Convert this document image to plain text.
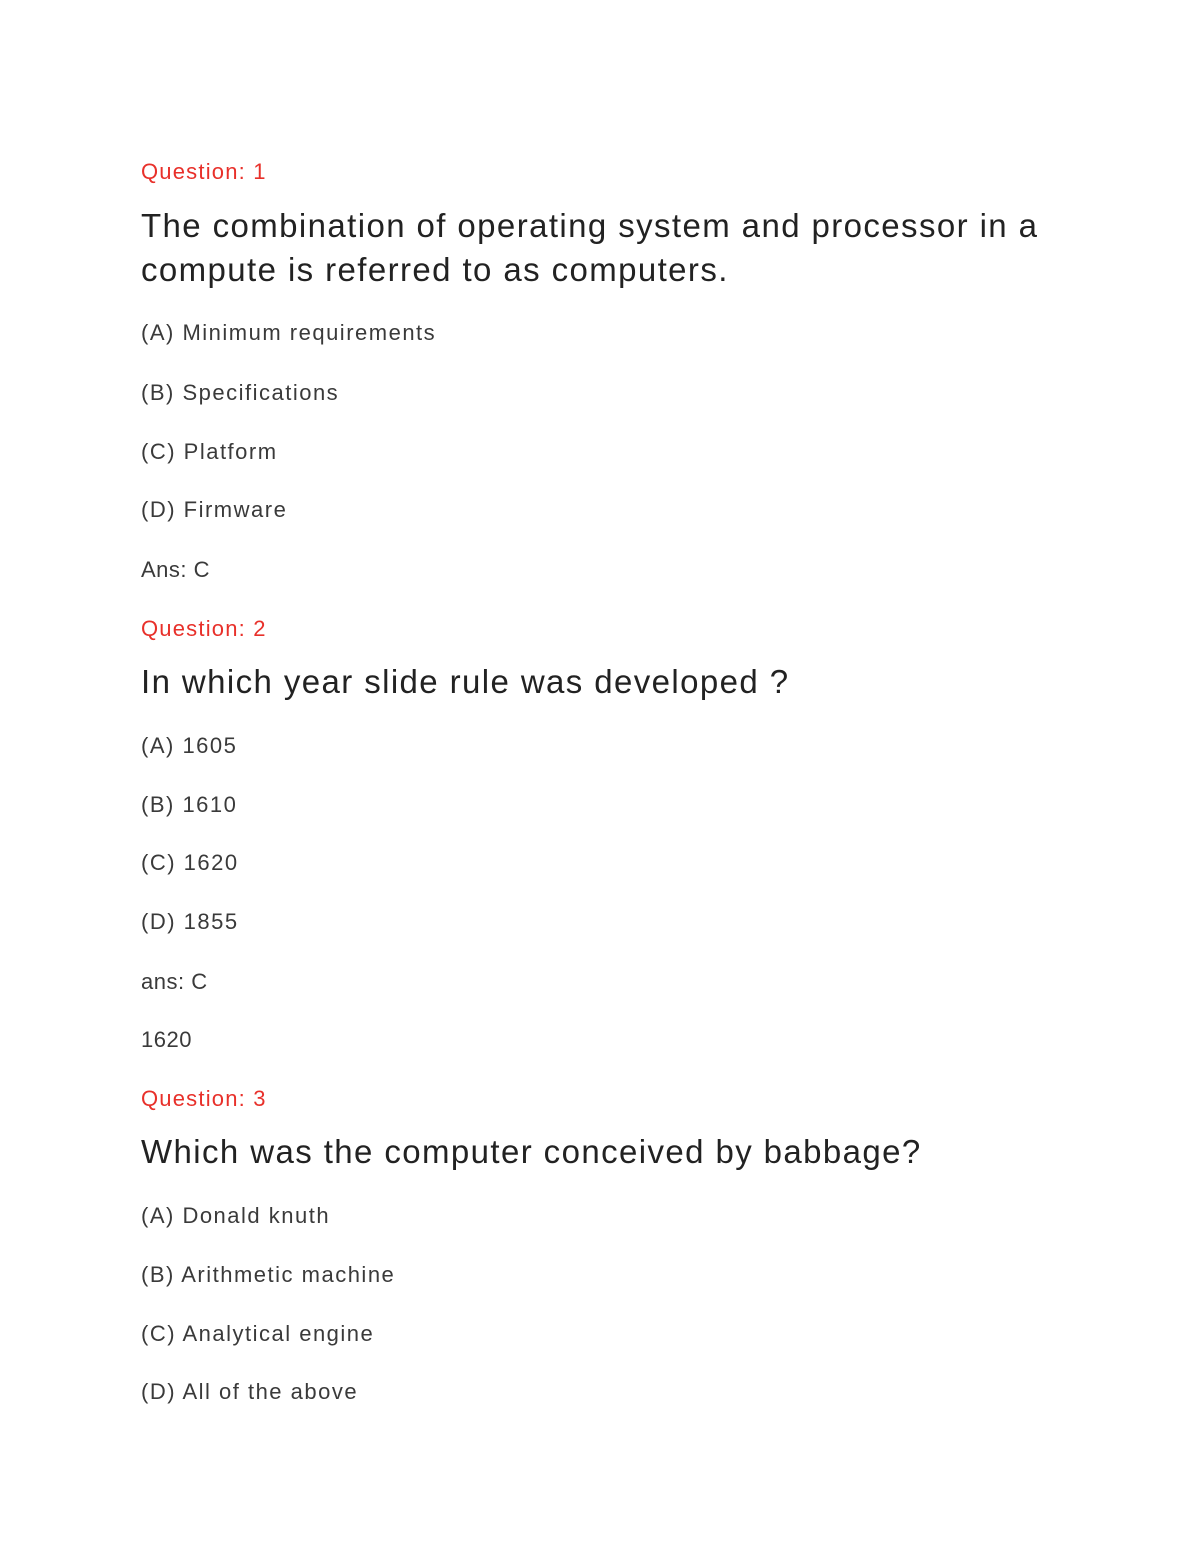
Question: 1
The combination of operating system and processor in a compute is referred to as computers.
(A) Minimum requirements
(B) Specifications
(C) Platform
(D) Firmware
Ans: C
Question: 2
In which year slide rule was developed ?
(A) 1605
(B) 1610
(C) 1620
(D) 1855
ans: C
1620
Question: 3
Which was the computer conceived by babbage?
(A) Donald knuth
(B) Arithmetic machine
(C) Analytical engine
(D) All of the above
